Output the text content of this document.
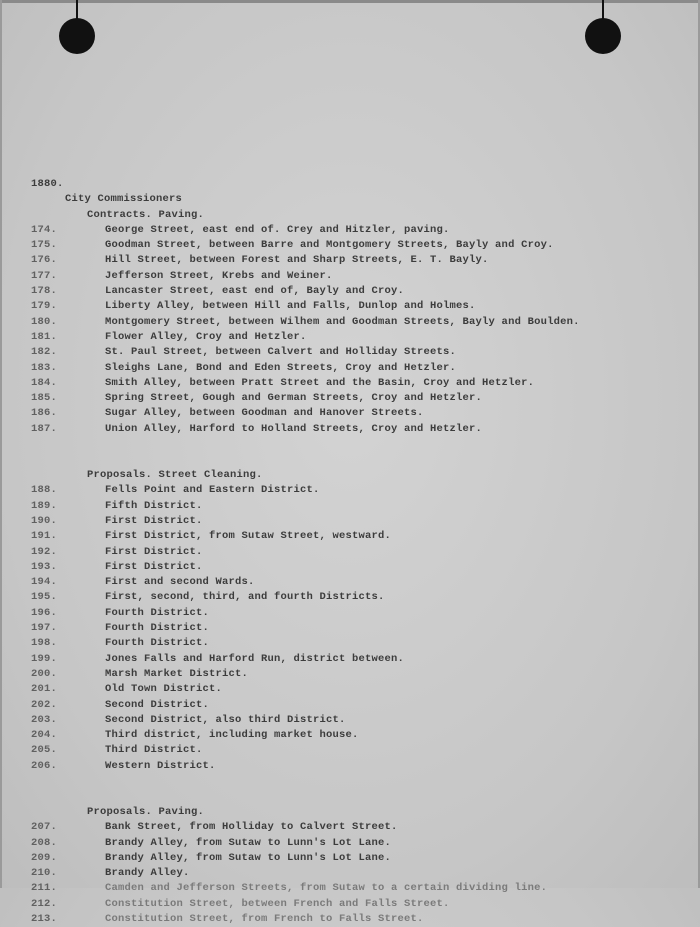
1880.
City Commissioners
Contracts. Paving.
174.	George Street, east end of. Crey and Hitzler, paving.
175.	Goodman Street, between Barre and Montgomery Streets, Bayly and Croy.
176.	Hill Street, between Forest and Sharp Streets, E. T. Bayly.
177.	Jefferson Street, Krebs and Weiner.
178.	Lancaster Street, east end of, Bayly and Croy.
179.	Liberty Alley, between Hill and Falls, Dunlop and Holmes.
180.	Montgomery Street, between Wilhem and Goodman Streets, Bayly and Boulden.
181.	Flower Alley, Croy and Hetzler.
182.	St. Paul Street, between Calvert and Holliday Streets.
183.	Sleighs Lane, Bond and Eden Streets, Croy and Hetzler.
184.	Smith Alley, between Pratt Street and the Basin, Croy and Hetzler.
185.	Spring Street, Gough and German Streets, Croy and Hetzler.
186.	Sugar Alley, between Goodman and Hanover Streets.
187.	Union Alley, Harford to Holland Streets, Croy and Hetzler.
Proposals. Street Cleaning.
188.	Fells Point and Eastern District.
189.	Fifth District.
190.	First District.
191.	First District, from Sutaw Street, westward.
192.	First District.
193.	First District.
194.	First and second Wards.
195.	First, second, third, and fourth Districts.
196.	Fourth District.
197.	Fourth District.
198.	Fourth District.
199.	Jones Falls and Harford Run, district between.
200.	Marsh Market District.
201.	Old Town District.
202.	Second District.
203.	Second District, also third District.
204.	Third district, including market house.
205.	Third District.
206.	Western District.
Proposals. Paving.
207.	Bank Street, from Holliday to Calvert Street.
208.	Brandy Alley, from Sutaw to Lunn's Lot Lane.
209.	Brandy Alley, from Sutaw to Lunn's Lot Lane.
210.	Brandy Alley.
211.	Camden and Jefferson Streets, from Sutaw to a certain dividing line.
212.	Constitution Street, between French and Falls Street.
213.	Constitution Street, from French to Falls Street.
